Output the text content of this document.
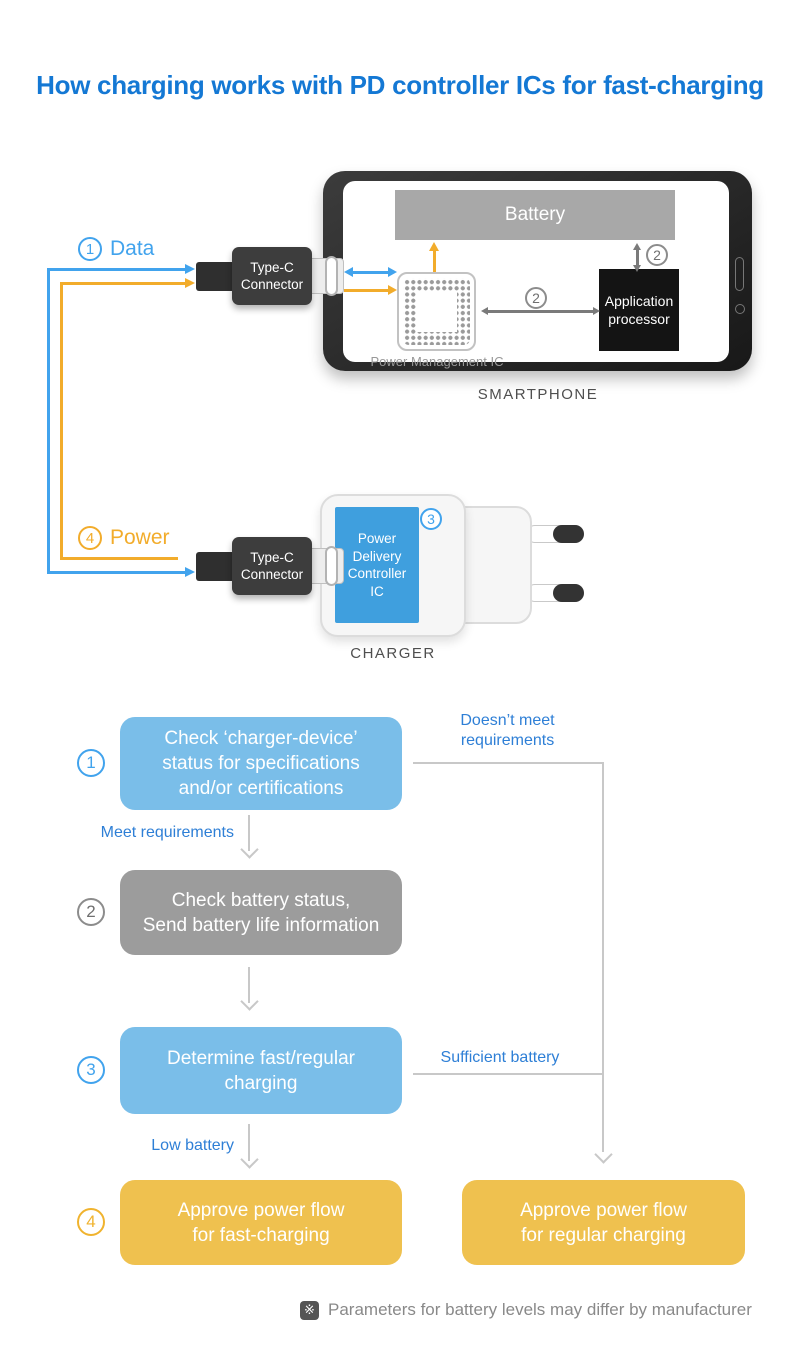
How charging works with PD controller ICs for fast-charging
1 Data
4 Power
Battery
Power Management IC
Application
processor
2
2
SMARTPHONE
Type-C
Connector
Power
Delivery
Controller
IC
3
CHARGER
Type-C
Connector
1
2
3
4
Check ‘charger-device’
status for specifications
and/or certifications
Check battery status,
Send battery life information
Determine fast/regular
charging
Approve power flow
for fast-charging
Approve power flow
for regular charging
Doesn’t meet
requirements
Meet requirements
Sufficient battery
Low battery
※ Parameters for battery levels may differ by manufacturer
